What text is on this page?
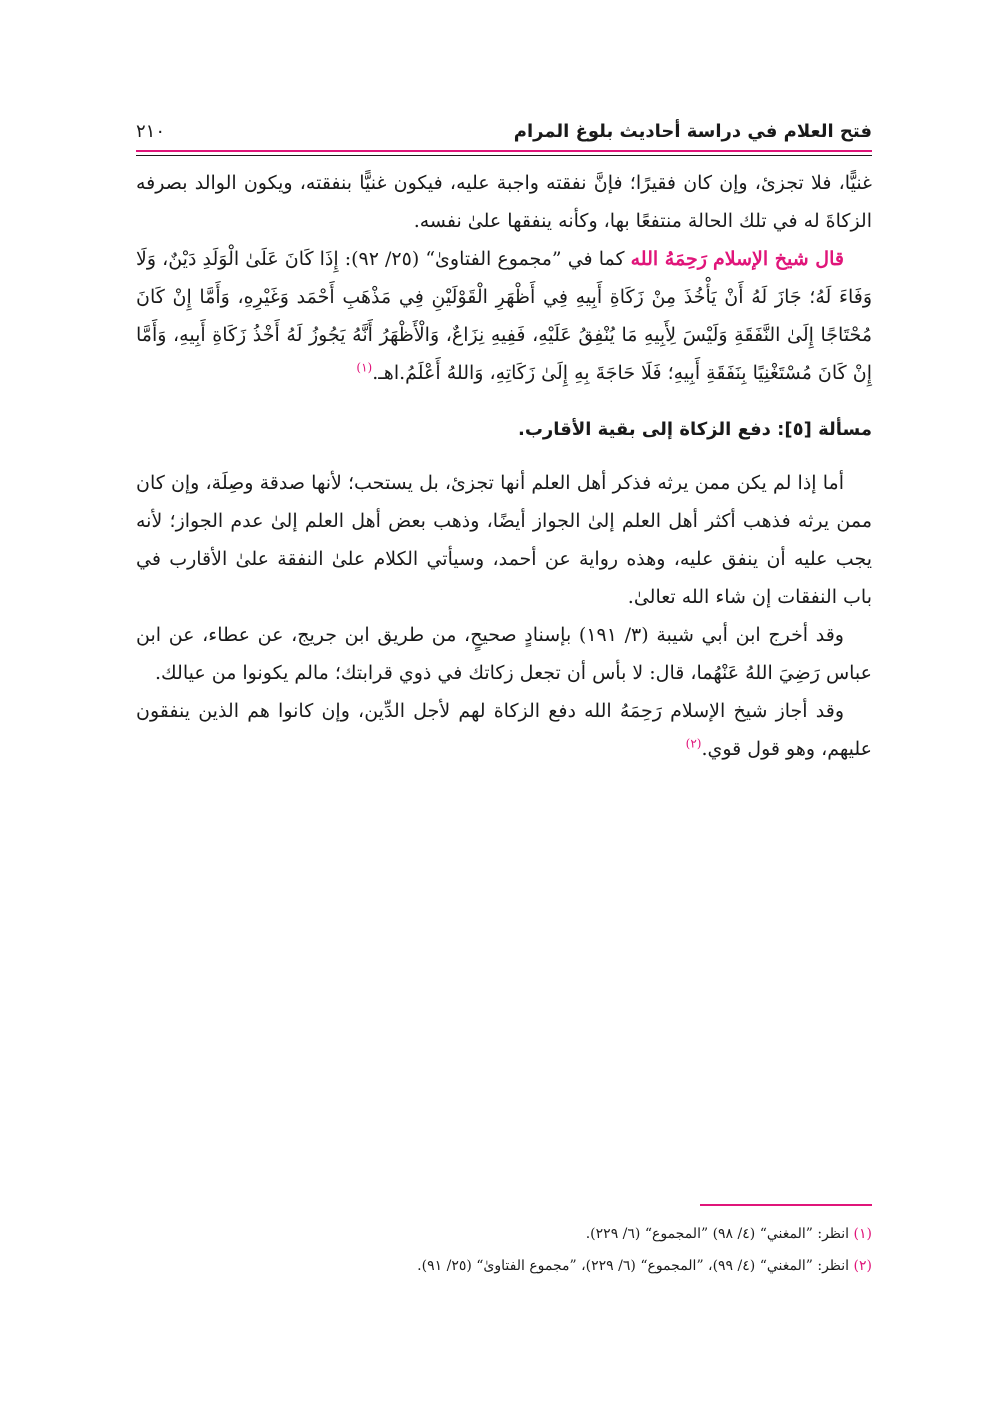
فتح العلام في دراسة أحاديث بلوغ المرام
٢١٠

غنيًّا، فلا تجزئ، وإن كان فقيرًا؛ فإنَّ نفقته واجبة عليه، فيكون غنيًّا بنفقته، ويكون الوالد بصرفه الزكاةَ له في تلك الحالة منتفعًا بها، وكأنه ينفقها علىٰ نفسه.

قال شيخ الإسلام رَحِمَهُ الله كما في ”مجموع الفتاوىٰ“ (٢٥/ ٩٢): إِذَا كَانَ عَلَىٰ الْوَلَدِ دَيْنٌ، وَلَا وَفَاءَ لَهُ؛ جَازَ لَهُ أَنْ يَأْخُذَ مِنْ زَكَاةِ أَبِيهِ فِي أَظْهَرِ الْقَوْلَيْنِ فِي مَذْهَبِ أَحْمَد وَغَيْرِهِ، وَأَمَّا إِنْ كَانَ مُحْتَاجًا إِلَىٰ النَّفَقَةِ وَلَيْسَ لِأَبِيهِ مَا يُنْفِقُ عَلَيْهِ، فَفِيهِ نِزَاعٌ، وَالْأَظْهَرُ أَنَّهُ يَجُوزُ لَهُ أَخْذُ زَكَاةِ أَبِيهِ، وَأَمَّا إِنْ كَانَ مُسْتَغْنِيًا بِنَفَقَةِ أَبِيهِ؛ فَلَا حَاجَةَ بِهِ إِلَىٰ زَكَاتِهِ، وَاللهُ أَعْلَمُ.اهـ.$^{(١)}$

مسألة [٥]: دفع الزكاة إلى بقية الأقارب.

أما إذا لم يكن ممن يرثه فذكر أهل العلم أنها تجزئ، بل يستحب؛ لأنها صدقة وصِلَة، وإن كان ممن يرثه فذهب أكثر أهل العلم إلىٰ الجواز أيضًا، وذهب بعض أهل العلم إلىٰ عدم الجواز؛ لأنه يجب عليه أن ينفق عليه، وهذه رواية عن أحمد، وسيأتي الكلام علىٰ النفقة علىٰ الأقارب في باب النفقات إن شاء الله تعالىٰ.

وقد أخرج ابن أبي شيبة (٣/ ١٩١) بإسنادٍ صحيحٍ، من طريق ابن جريج، عن عطاء، عن ابن عباس رَضِيَ اللهُ عَنْهُما، قال: لا بأس أن تجعل زكاتك في ذوي قرابتك؛ مالم يكونوا من عيالك.

وقد أجاز شيخ الإسلام رَحِمَهُ الله دفع الزكاة لهم لأجل الدِّين، وإن كانوا هم الذين ينفقون عليهم، وهو قول قوي.$^{(٢)}$

(١) انظر: ”المغني“ (٤/ ٩٨) ”المجموع“ (٦/ ٢٢٩).

(٢) انظر: ”المغني“ (٤/ ٩٩)، ”المجموع“ (٦/ ٢٢٩)، ”مجموع الفتاوىٰ“ (٢٥/ ٩١).
